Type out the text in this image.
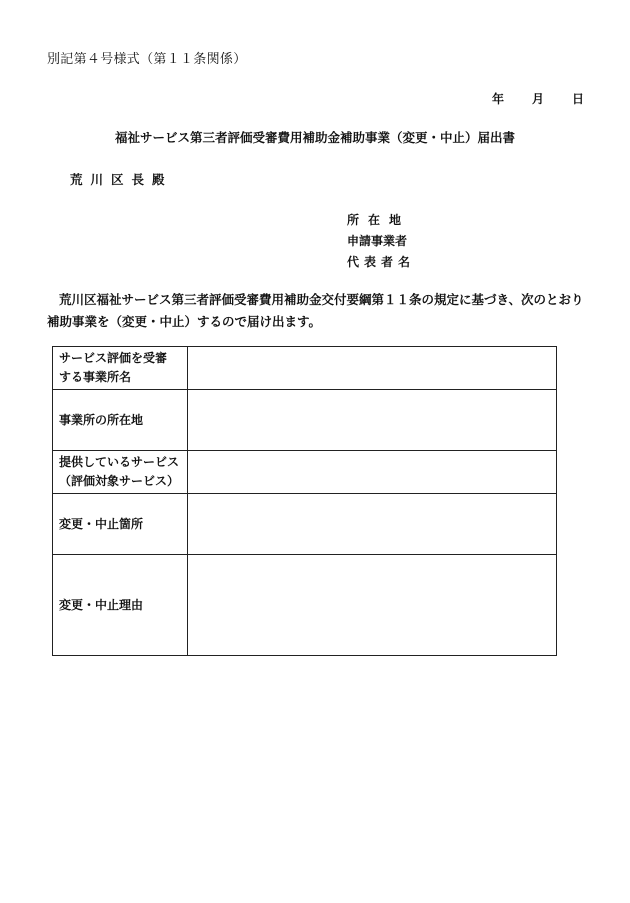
別記第４号様式（第１１条関係）
年 月 日
福祉サービス第三者評価受審費用補助金補助事業（変更・中止）届出書
荒川区長殿
所在地
申請事業者
代表者名
荒川区福祉サービス第三者評価受審費用補助金交付要綱第１１条の規定に基づき、次のとおり補助事業を（変更・中止）するので届け出ます。
サービス評価を受審
する事業所名	

事業所の所在地	

提供しているサービス
（評価対象サービス）	

変更・中止箇所	

変更・中止理由	
